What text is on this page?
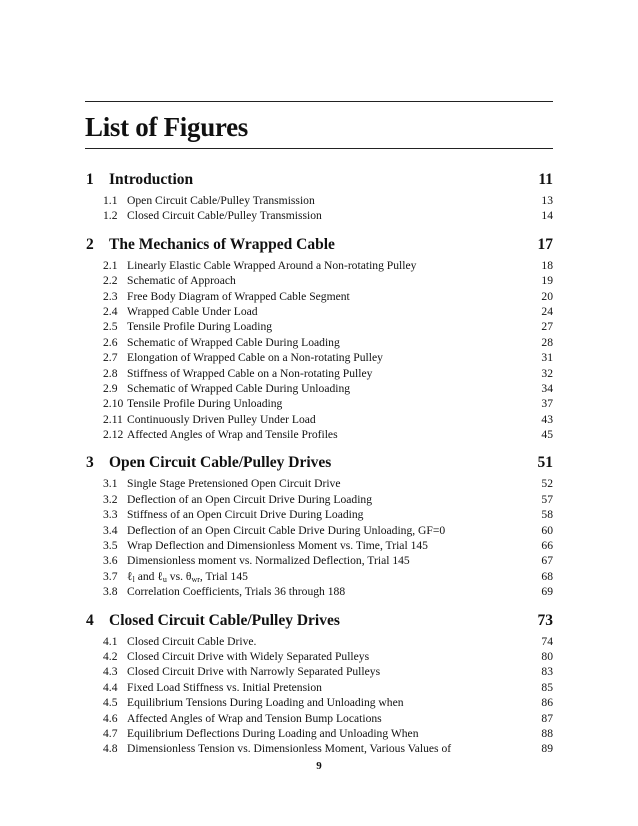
List of Figures
1 Introduction	11
1.1 Open Circuit Cable/Pulley Transmission	13
1.2 Closed Circuit Cable/Pulley Transmission	14
2 The Mechanics of Wrapped Cable	17
2.1 Linearly Elastic Cable Wrapped Around a Non-rotating Pulley	18
2.2 Schematic of Approach	19
2.3 Free Body Diagram of Wrapped Cable Segment	20
2.4 Wrapped Cable Under Load	24
2.5 Tensile Profile During Loading	27
2.6 Schematic of Wrapped Cable During Loading	28
2.7 Elongation of Wrapped Cable on a Non-rotating Pulley	31
2.8 Stiffness of Wrapped Cable on a Non-rotating Pulley	32
2.9 Schematic of Wrapped Cable During Unloading	34
2.10 Tensile Profile During Unloading	37
2.11 Continuously Driven Pulley Under Load	43
2.12 Affected Angles of Wrap and Tensile Profiles	45
3 Open Circuit Cable/Pulley Drives	51
3.1 Single Stage Pretensioned Open Circuit Drive	52
3.2 Deflection of an Open Circuit Drive During Loading	57
3.3 Stiffness of an Open Circuit Drive During Loading	58
3.4 Deflection of an Open Circuit Cable Drive During Unloading, GF=0	60
3.5 Wrap Deflection and Dimensionless Moment vs. Time, Trial 145	66
3.6 Dimensionless moment vs. Normalized Deflection, Trial 145	67
3.7 ℓ$_l$ and ℓ$_u$ vs. $\theta_{wr}$, Trial 145	68
3.8 Correlation Coefficients, Trials 36 through 188	69
4 Closed Circuit Cable/Pulley Drives	73
4.1 Closed Circuit Cable Drive.	74
4.2 Closed Circuit Drive with Widely Separated Pulleys	80
4.3 Closed Circuit Drive with Narrowly Separated Pulleys	83
4.4 Fixed Load Stiffness vs. Initial Pretension	85
4.5 Equilibrium Tensions During Loading and Unloading when	86
4.6 Affected Angles of Wrap and Tension Bump Locations	87
4.7 Equilibrium Deflections During Loading and Unloading When	88
4.8 Dimensionless Tension vs. Dimensionless Moment, Various Values of	89
9
